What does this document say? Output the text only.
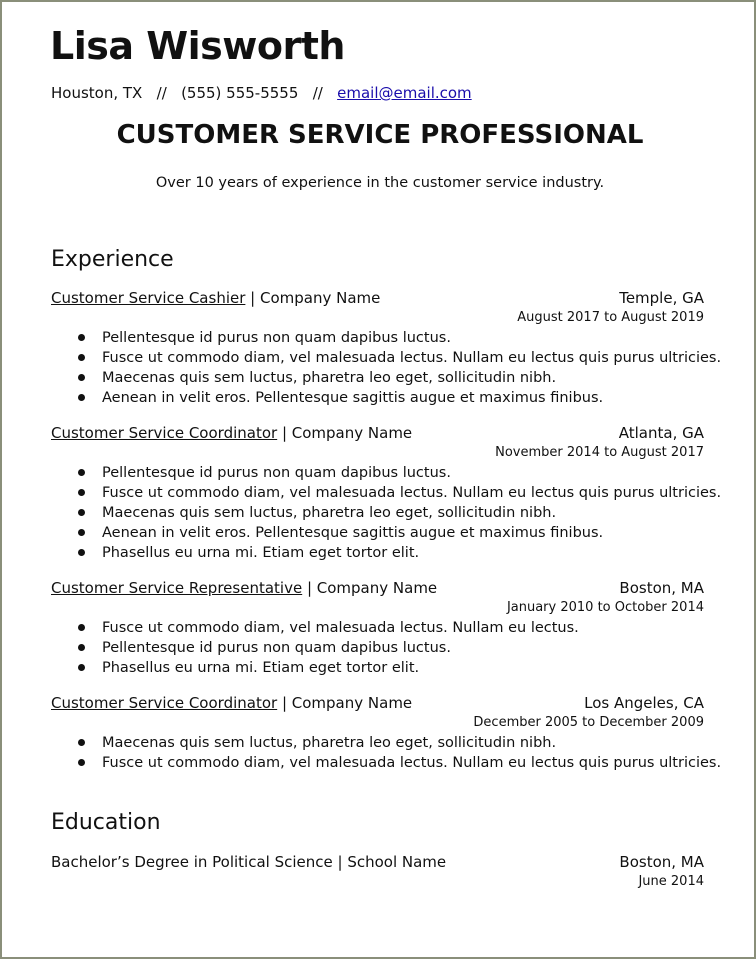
Lisa Wisworth
Houston, TX // (555) 555-5555 // email@email.com
CUSTOMER SERVICE PROFESSIONAL
Over 10 years of experience in the customer service industry.
Experience
Customer Service Cashier | Company Name	Temple, GA
August 2017 to August 2019
Pellentesque id purus non quam dapibus luctus.
Fusce ut commodo diam, vel malesuada lectus. Nullam eu lectus quis purus ultricies.
Maecenas quis sem luctus, pharetra leo eget, sollicitudin nibh.
Aenean in velit eros. Pellentesque sagittis augue et maximus finibus.
Customer Service Coordinator | Company Name	Atlanta, GA
November 2014 to August 2017
Pellentesque id purus non quam dapibus luctus.
Fusce ut commodo diam, vel malesuada lectus. Nullam eu lectus quis purus ultricies.
Maecenas quis sem luctus, pharetra leo eget, sollicitudin nibh.
Aenean in velit eros. Pellentesque sagittis augue et maximus finibus.
Phasellus eu urna mi. Etiam eget tortor elit.
Customer Service Representative | Company Name	Boston, MA
January 2010 to October 2014
Fusce ut commodo diam, vel malesuada lectus. Nullam eu lectus.
Pellentesque id purus non quam dapibus luctus.
Phasellus eu urna mi. Etiam eget tortor elit.
Customer Service Coordinator | Company Name	Los Angeles, CA
December 2005 to December 2009
Maecenas quis sem luctus, pharetra leo eget, sollicitudin nibh.
Fusce ut commodo diam, vel malesuada lectus. Nullam eu lectus quis purus ultricies.
Education
Bachelor’s Degree in Political Science | School Name	Boston, MA
June 2014
